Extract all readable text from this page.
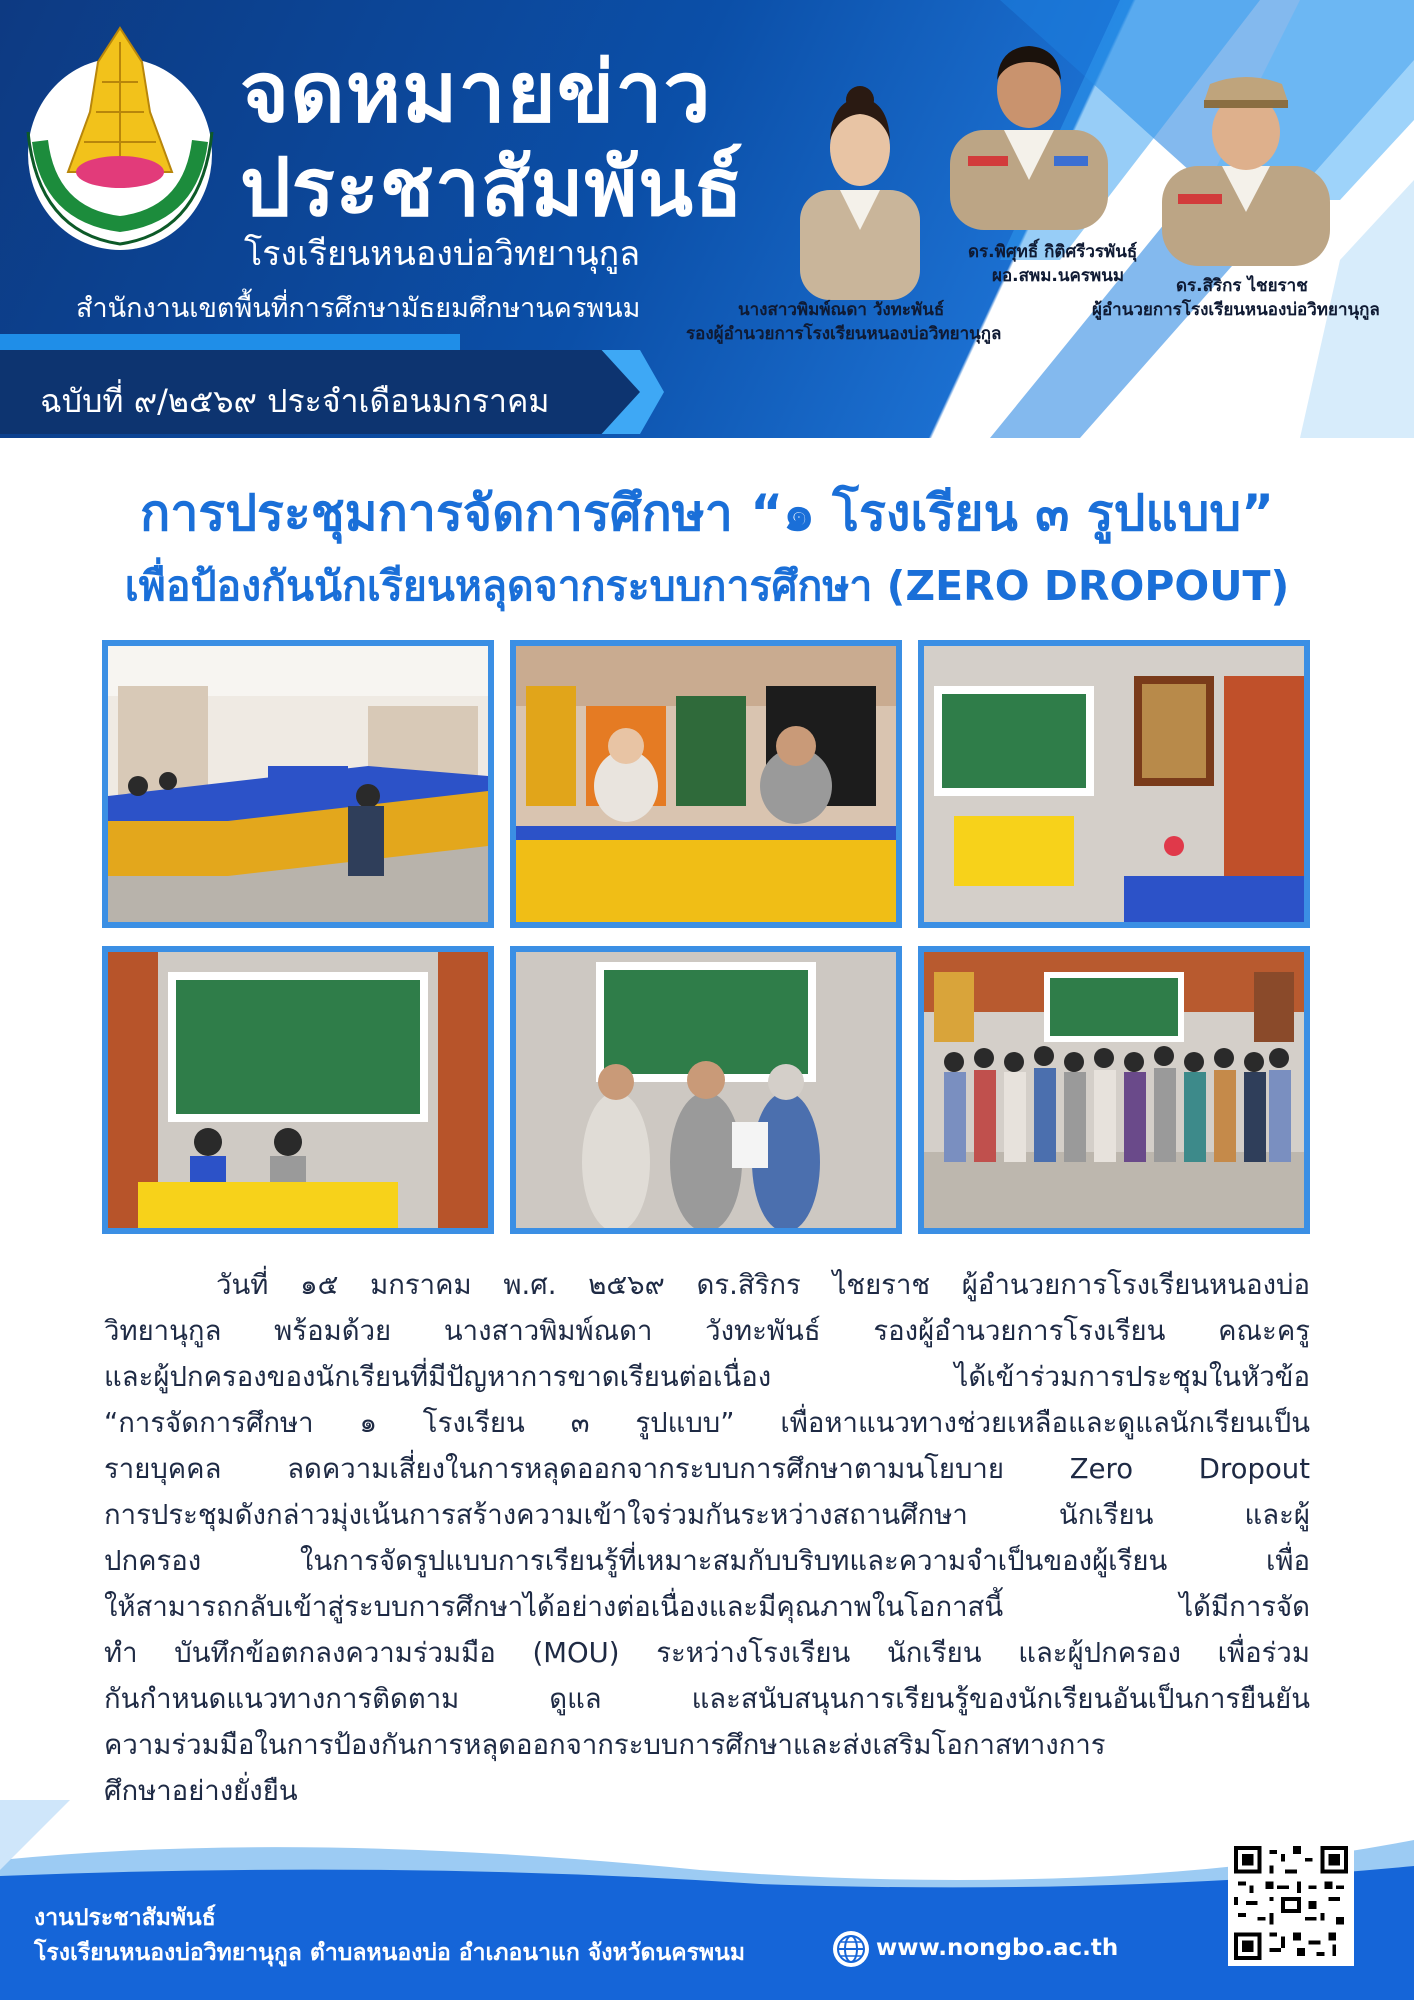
จดหมายข่าว
ประชาสัมพันธ์
โรงเรียนหนองบ่อวิทยานุกูล
สำนักงานเขตพื้นที่การศึกษามัธยมศึกษานครพนม
ฉบับที่ ๙/๒๕๖๙ ประจำเดือนมกราคม
นางสาวพิมพ์ณดา วังทะพันธ์
รองผู้อำนวยการโรงเรียนหนองบ่อวิทยานุกูล
ดร.พิศุทธิ์ กิติศรีวรพันธุ์
ผอ.สพม.นครพนม	ดร.สิริกร ไชยราช
ผู้อำนวยการโรงเรียนหนองบ่อวิทยานุกูล
การประชุมการจัดการศึกษา “๑ โรงเรียน ๓ รูปแบบ”
เพื่อป้องกันนักเรียนหลุดจากระบบการศึกษา (ZERO DROPOUT)
วันที่ ๑๕ มกราคม พ.ศ. ๒๕๖๙ ดร.สิริกร ไชยราช ผู้อำนวยการโรงเรียนหนองบ่อ
วิทยานุกูล พร้อมด้วย นางสาวพิมพ์ณดา วังทะพันธ์ รองผู้อำนวยการโรงเรียน คณะครู
และผู้ปกครองของนักเรียนที่มีปัญหาการขาดเรียนต่อเนื่อง ได้เข้าร่วมการประชุมในหัวข้อ
“การจัดการศึกษา ๑ โรงเรียน ๓ รูปแบบ” เพื่อหาแนวทางช่วยเหลือและดูแลนักเรียนเป็น
รายบุคคล ลดความเสี่ยงในการหลุดออกจากระบบการศึกษาตามนโยบาย Zero Dropout
การประชุมดังกล่าวมุ่งเน้นการสร้างความเข้าใจร่วมกันระหว่างสถานศึกษา นักเรียน และผู้
ปกครอง ในการจัดรูปแบบการเรียนรู้ที่เหมาะสมกับบริบทและความจำเป็นของผู้เรียน เพื่อ
ให้สามารถกลับเข้าสู่ระบบการศึกษาได้อย่างต่อเนื่องและมีคุณภาพในโอกาสนี้ ได้มีการจัด
ทำ บันทึกข้อตกลงความร่วมมือ (MOU) ระหว่างโรงเรียน นักเรียน และผู้ปกครอง เพื่อร่วม
กันกำหนดแนวทางการติดตาม ดูแล และสนับสนุนการเรียนรู้ของนักเรียนอันเป็นการยืนยัน
ความร่วมมือในการป้องกันการหลุดออกจากระบบการศึกษาและส่งเสริมโอกาสทางการ
ศึกษาอย่างยั่งยืน
งานประชาสัมพันธ์
โรงเรียนหนองบ่อวิทยานุกูล ตำบลหนองบ่อ อำเภอนาแก จังหวัดนครพนม	www.nongbo.ac.th
